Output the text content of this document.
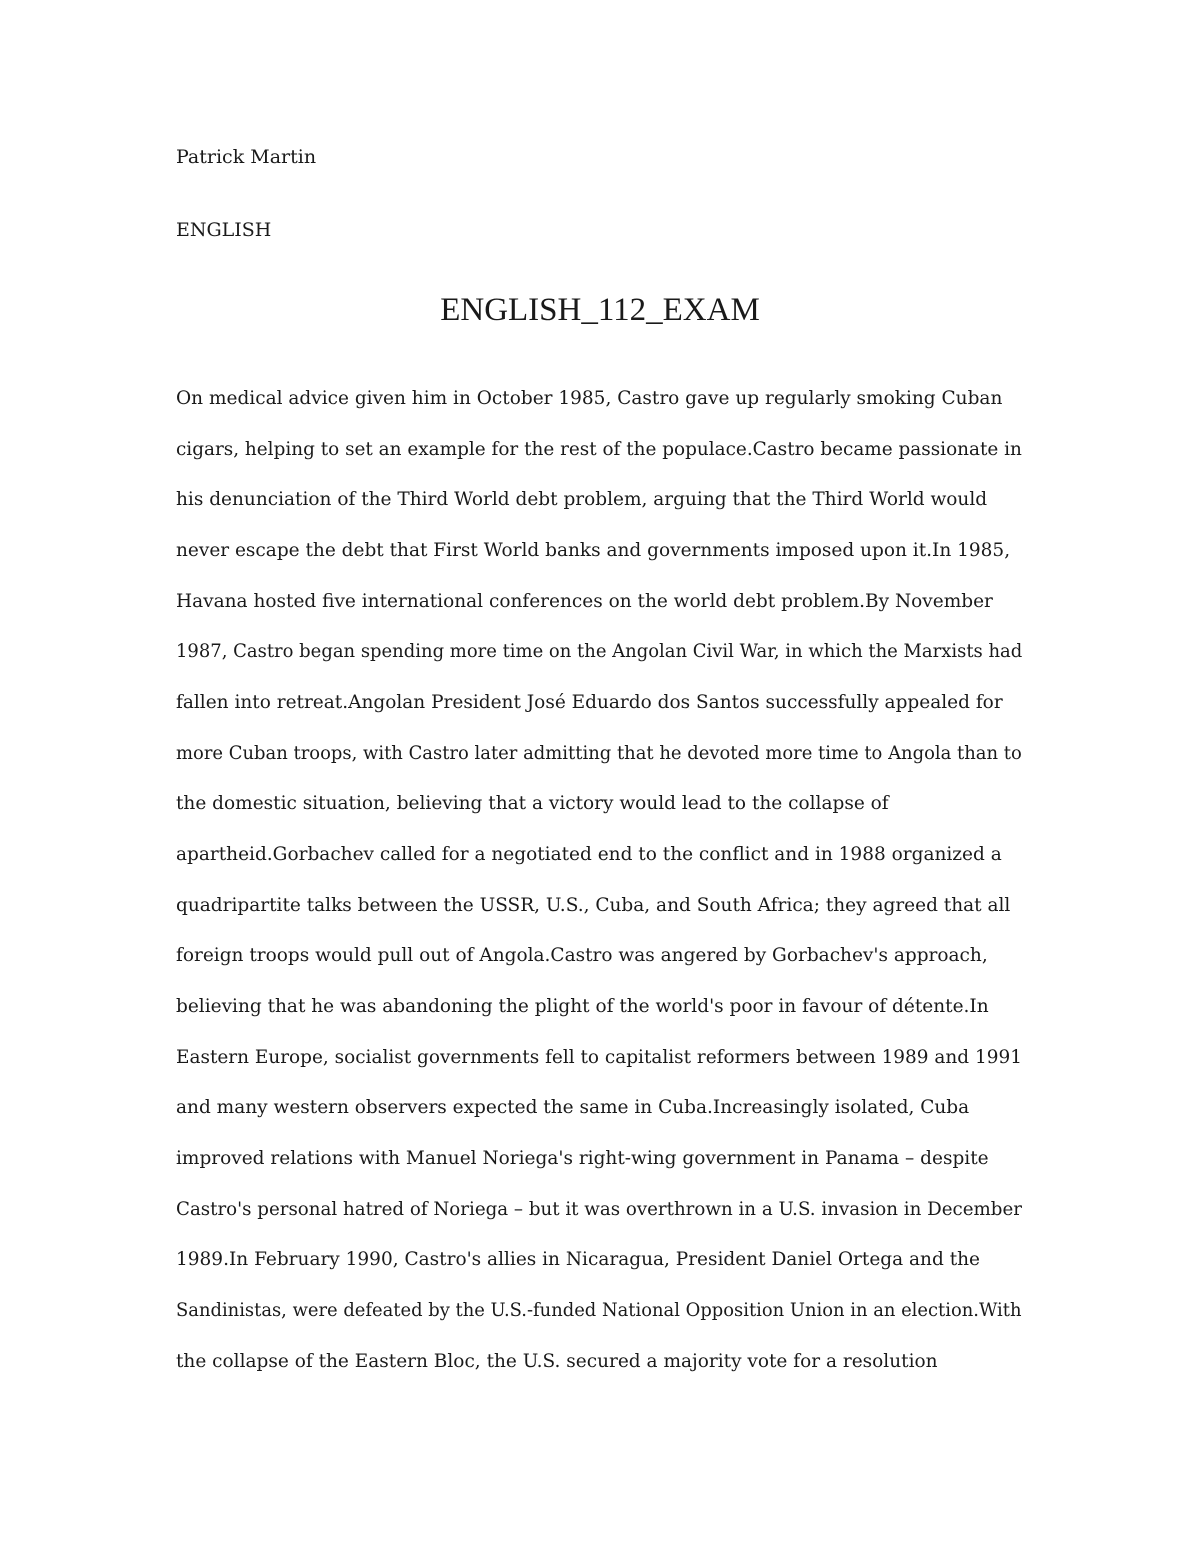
Patrick Martin
ENGLISH
ENGLISH_112_EXAM
On medical advice given him in October 1985, Castro gave up regularly smoking Cuban
cigars, helping to set an example for the rest of the populace.Castro became passionate in
his denunciation of the Third World debt problem, arguing that the Third World would
never escape the debt that First World banks and governments imposed upon it.In 1985,
Havana hosted five international conferences on the world debt problem.By November
1987, Castro began spending more time on the Angolan Civil War, in which the Marxists had
fallen into retreat.Angolan President José Eduardo dos Santos successfully appealed for
more Cuban troops, with Castro later admitting that he devoted more time to Angola than to
the domestic situation, believing that a victory would lead to the collapse of
apartheid.Gorbachev called for a negotiated end to the conflict and in 1988 organized a
quadripartite talks between the USSR, U.S., Cuba, and South Africa; they agreed that all
foreign troops would pull out of Angola.Castro was angered by Gorbachev's approach,
believing that he was abandoning the plight of the world's poor in favour of détente.In
Eastern Europe, socialist governments fell to capitalist reformers between 1989 and 1991
and many western observers expected the same in Cuba.Increasingly isolated, Cuba
improved relations with Manuel Noriega's right-wing government in Panama – despite
Castro's personal hatred of Noriega – but it was overthrown in a U.S. invasion in December
1989.In February 1990, Castro's allies in Nicaragua, President Daniel Ortega and the
Sandinistas, were defeated by the U.S.-funded National Opposition Union in an election.With
the collapse of the Eastern Bloc, the U.S. secured a majority vote for a resolution
